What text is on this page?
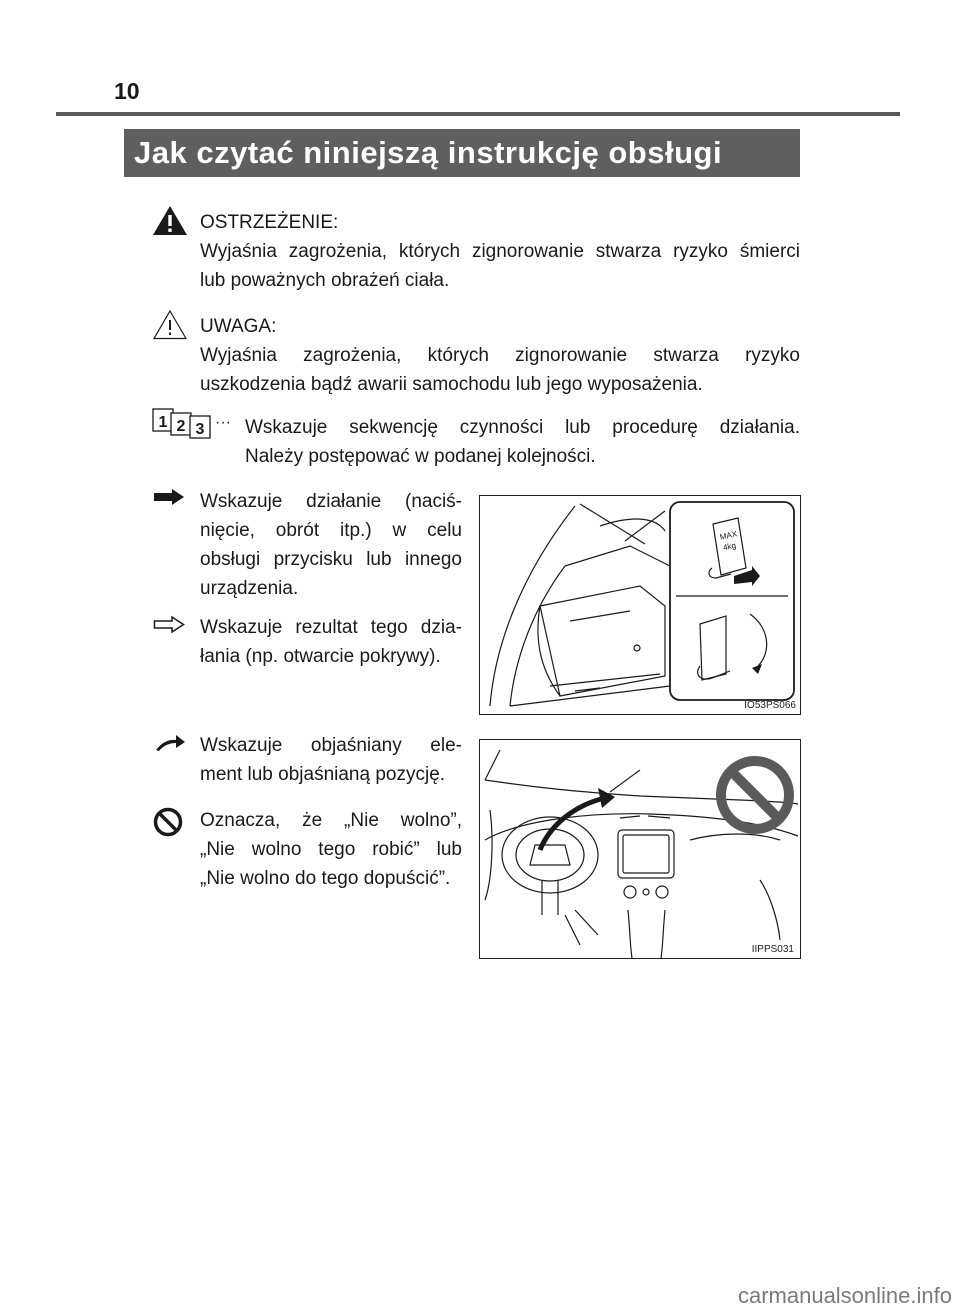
10
Jak czytać niniejszą instrukcję obsługi
OSTRZEŻENIE:
Wyjaśnia zagrożenia, których zignorowanie stwarza ryzyko śmierci
lub poważnych obrażeń ciała.
UWAGA:
Wyjaśnia zagrożenia, których zignorowanie stwarza ryzyko
uszkodzenia bądź awarii samochodu lub jego wyposażenia.
1 2 3 ··· Wskazuje sekwencję czynności lub procedurę działania.
Należy postępować w podanej kolejności.
Wskazuje działanie (naciś-
nięcie, obrót itp.) w celu
obsługi przycisku lub innego
urządzenia.
Wskazuje rezultat tego dzia-
łania (np. otwarcie pokrywy).
MAX
4kg
IO53PS066
Wskazuje objaśniany ele-
ment lub objaśnianą pozycję.
Oznacza, że „Nie wolno”,
„Nie wolno tego robić” lub
„Nie wolno do tego dopuścić”.
IIPPS031
carmanualsonline.info
